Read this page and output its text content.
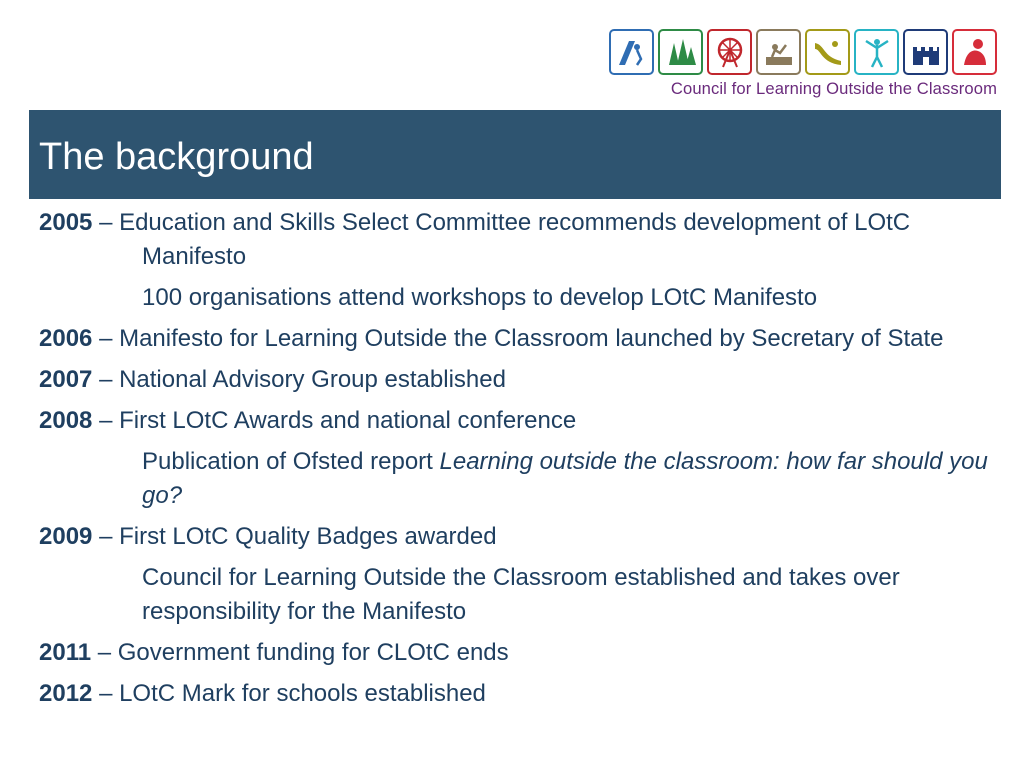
Council for Learning Outside the Classroom
The background
2005 – Education and Skills Select Committee recommends development of LOtC Manifesto
100 organisations attend workshops to develop LOtC Manifesto
2006 – Manifesto for Learning Outside the Classroom launched by Secretary of State
2007 – National Advisory Group established
2008 – First LOtC Awards and national conference
Publication of Ofsted report Learning outside the classroom: how far should you go?
2009 – First LOtC Quality Badges awarded
Council for Learning Outside the Classroom established and takes over responsibility for the Manifesto
2011 – Government funding for CLOtC ends
2012 – LOtC Mark for schools established
